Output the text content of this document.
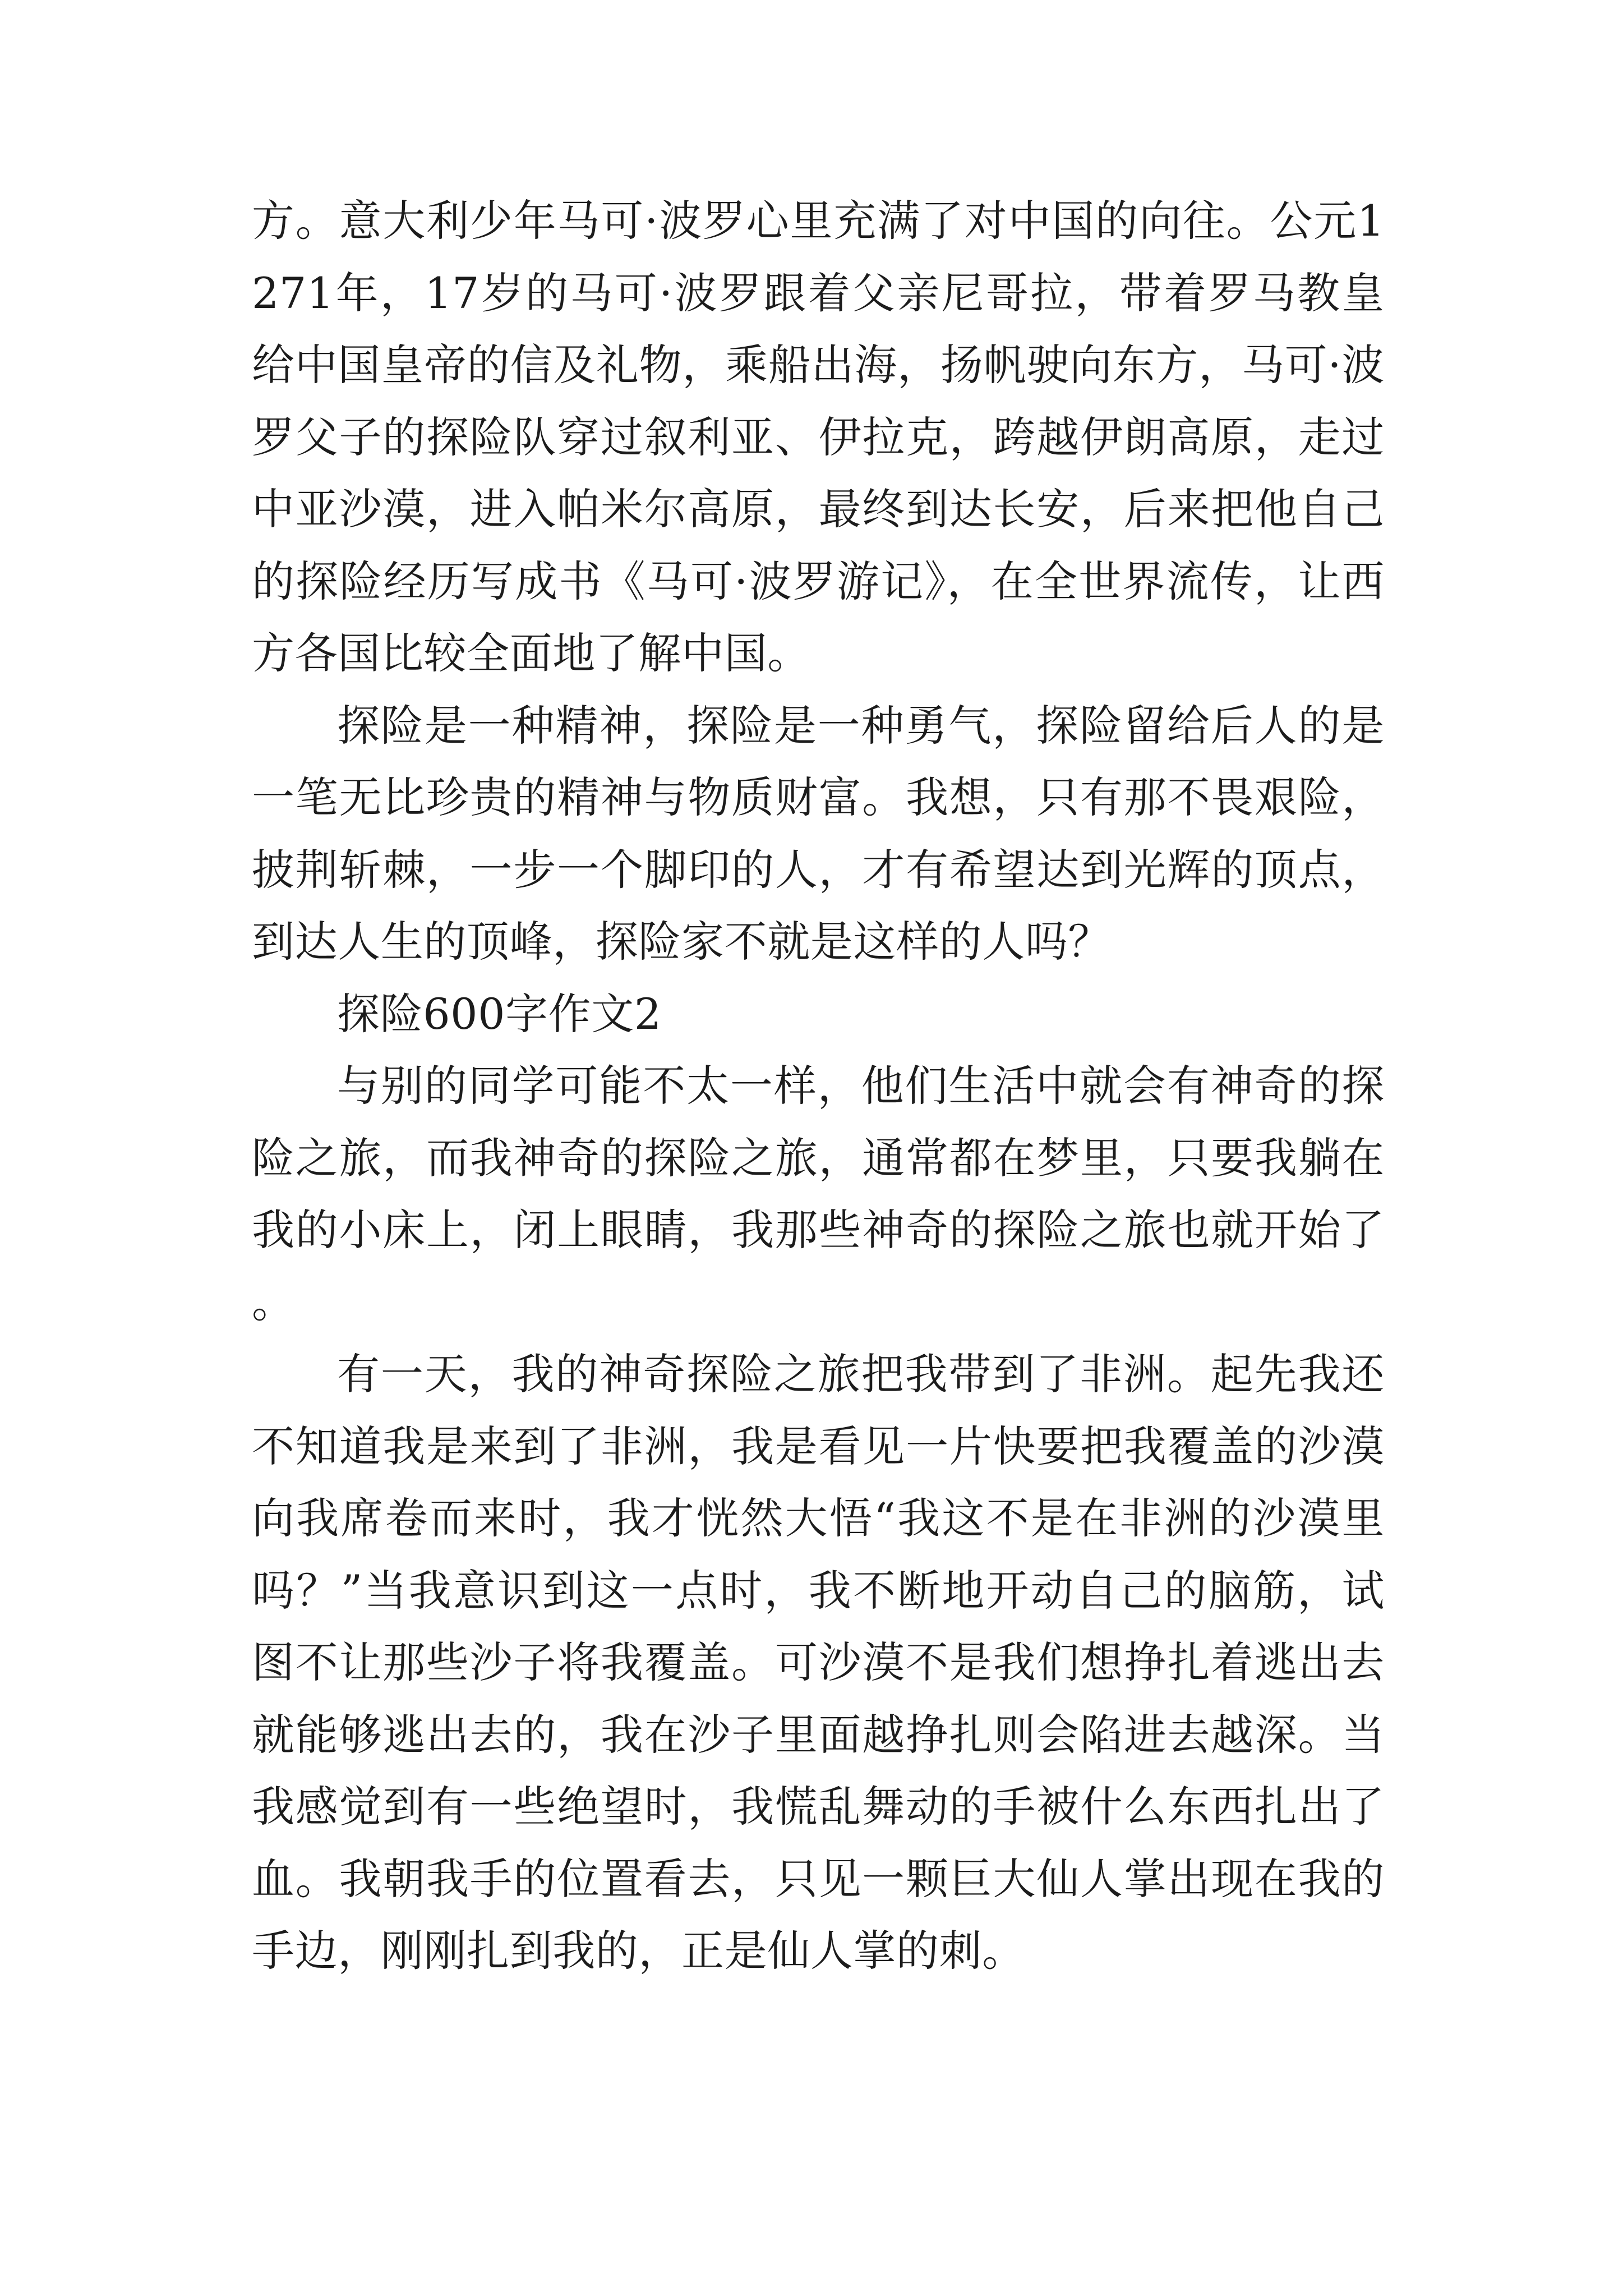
方。意大利少年马可·波罗心里充满了对中国的向往。公元1271年，17岁的马可·波罗跟着父亲尼哥拉，带着罗马教皇给中国皇帝的信及礼物，乘船出海，扬帆驶向东方，马可·波罗父子的探险队穿过叙利亚、伊拉克，跨越伊朗高原，走过中亚沙漠，进入帕米尔高原，最终到达长安，后来把他自己的探险经历写成书《马可·波罗游记》，在全世界流传，让西方各国比较全面地了解中国。

探险是一种精神，探险是一种勇气，探险留给后人的是一笔无比珍贵的精神与物质财富。我想，只有那不畏艰险，披荆斩棘，一步一个脚印的人，才有希望达到光辉的顶点，到达人生的顶峰，探险家不就是这样的人吗？

探险600字作文2

与别的同学可能不太一样，他们生活中就会有神奇的探险之旅，而我神奇的探险之旅，通常都在梦里，只要我躺在我的小床上，闭上眼睛，我那些神奇的探险之旅也就开始了。

有一天，我的神奇探险之旅把我带到了非洲。起先我还不知道我是来到了非洲，我是看见一片快要把我覆盖的沙漠向我席卷而来时，我才恍然大悟“我这不是在非洲的沙漠里吗？”当我意识到这一点时，我不断地开动自己的脑筋，试图不让那些沙子将我覆盖。可沙漠不是我们想挣扎着逃出去就能够逃出去的，我在沙子里面越挣扎则会陷进去越深。当我感觉到有一些绝望时，我慌乱舞动的手被什么东西扎出了血。我朝我手的位置看去，只见一颗巨大仙人掌出现在我的手边，刚刚扎到我的，正是仙人掌的刺。
